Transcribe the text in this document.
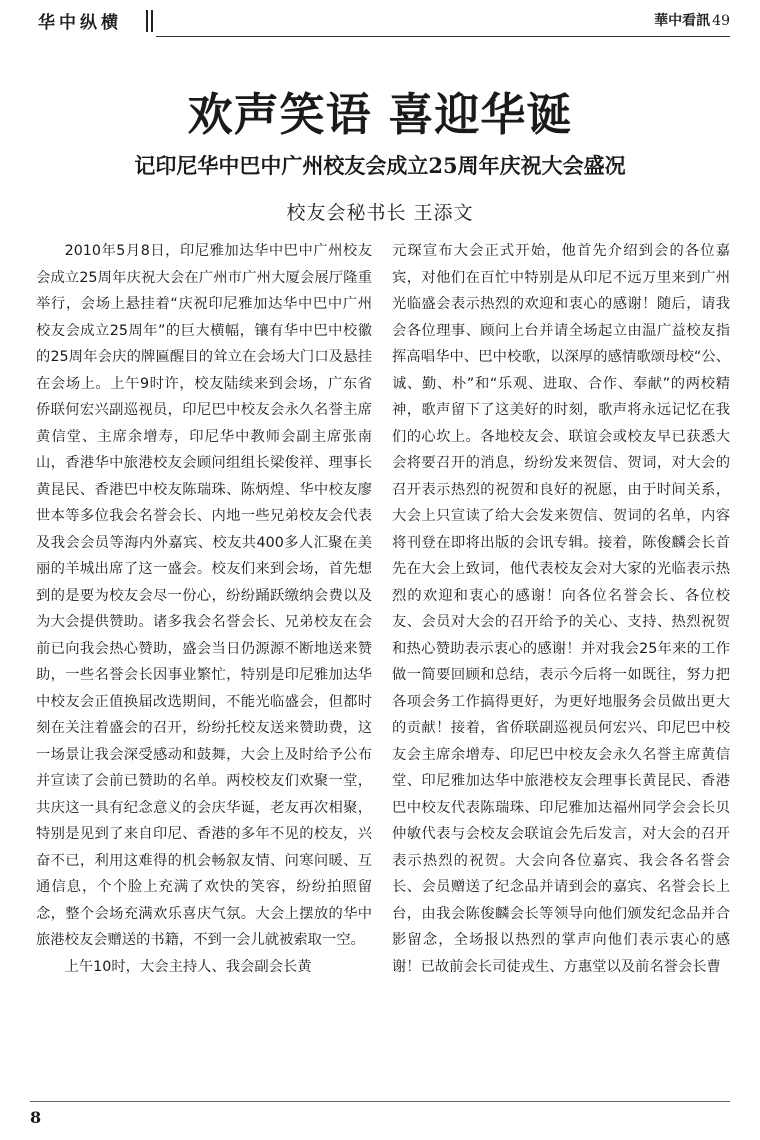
华中纵横	華中看訊 49
欢声笑语 喜迎华诞
记印尼华中巴中广州校友会成立25周年庆祝大会盛况
校友会秘书长 王添文

2010年5月8日，印尼雅加达华中巴中广州校友会成立25周年庆祝大会在广州市广州大厦会展厅隆重举行，会场上悬挂着“庆祝印尼雅加达华中巴中广州校友会成立25周年”的巨大横幅，镶有华中巴中校徽的25周年会庆的牌匾醒目的耸立在会场大门口及悬挂在会场上。上午9时许，校友陆续来到会场，广东省侨联何宏兴副巡视员，印尼巴中校友会永久名誉主席黄信堂、主席余增寿，印尼华中教师会副主席张南山，香港华中旅港校友会顾问组组长梁俊祥、理事长黄昆民、香港巴中校友陈瑞珠、陈炳煌、华中校友廖世本等多位我会名誉会长、内地一些兄弟校友会代表及我会会员等海内外嘉宾、校友共400多人汇聚在美丽的羊城出席了这一盛会。校友们来到会场，首先想到的是要为校友会尽一份心，纷纷踊跃缴纳会费以及为大会提供赞助。诸多我会名誉会长、兄弟校友在会前已向我会热心赞助，盛会当日仍源源不断地送来赞助，一些名誉会长因事业繁忙，特别是印尼雅加达华中校友会正值换届改选期间，不能光临盛会，但都时刻在关注着盛会的召开，纷纷托校友送来赞助费，这一场景让我会深受感动和鼓舞，大会上及时给予公布并宣读了会前已赞助的名单。两校校友们欢聚一堂，共庆这一具有纪念意义的会庆华诞，老友再次相聚，特别是见到了来自印尼、香港的多年不见的校友，兴奋不已，利用这难得的机会畅叙友情、问寒问暖、互通信息，个个脸上充满了欢快的笑容，纷纷拍照留念，整个会场充满欢乐喜庆气氛。大会上摆放的华中旅港校友会赠送的书籍，不到一会儿就被索取一空。

上午10时，大会主持人、我会副会长黄

元琛宣布大会正式开始，他首先介绍到会的各位嘉宾，对他们在百忙中特别是从印尼不远万里来到广州光临盛会表示热烈的欢迎和衷心的感谢！随后，请我会各位理事、顾问上台并请全场起立由温广益校友指挥高唱华中、巴中校歌，以深厚的感情歌颂母校“公、诚、勤、朴”和“乐观、进取、合作、奉献”的两校精神，歌声留下了这美好的时刻，歌声将永远记忆在我们的心坎上。各地校友会、联谊会或校友早已获悉大会将要召开的消息，纷纷发来贺信、贺词，对大会的召开表示热烈的祝贺和良好的祝愿，由于时间关系，大会上只宣读了给大会发来贺信、贺词的名单，内容将刊登在即将出版的会讯专辑。接着，陈俊麟会长首先在大会上致词，他代表校友会对大家的光临表示热烈的欢迎和衷心的感谢！向各位名誉会长、各位校友、会员对大会的召开给予的关心、支持、热烈祝贺和热心赞助表示衷心的感谢！并对我会25年来的工作做一简要回顾和总结，表示今后将一如既往，努力把各项会务工作搞得更好，为更好地服务会员做出更大的贡献！接着，省侨联副巡视员何宏兴、印尼巴中校友会主席余增寿、印尼巴中校友会永久名誉主席黄信堂、印尼雅加达华中旅港校友会理事长黄昆民、香港巴中校友代表陈瑞珠、印尼雅加达福州同学会会长贝仲敏代表与会校友会联谊会先后发言，对大会的召开表示热烈的祝贺。大会向各位嘉宾、我会各名誉会长、会员赠送了纪念品并请到会的嘉宾、名誉会长上台，由我会陈俊麟会长等领导向他们颁发纪念品并合影留念，全场报以热烈的掌声向他们表示衷心的感谢！已故前会长司徒戎生、方惠堂以及前名誉会长曹

8
